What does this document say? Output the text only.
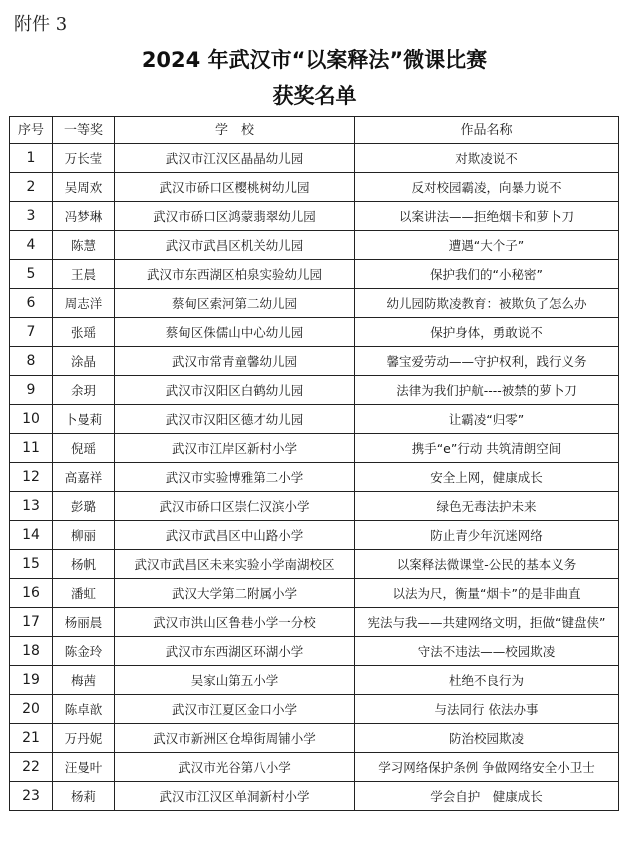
附件 3
2024 年武汉市“以案释法”微课比赛
获奖名单
序号	一等奖	学　校	作品名称
1	万长莹	武汉市江汉区晶晶幼儿园	对欺凌说不
2	吴周欢	武汉市硚口区樱桃树幼儿园	反对校园霸凌，向暴力说不
3	冯梦琳	武汉市硚口区鸿蒙翡翠幼儿园	以案讲法——拒绝烟卡和萝卜刀
4	陈慧	武汉市武昌区机关幼儿园	遭遇“大个子”
5	王晨	武汉市东西湖区柏泉实验幼儿园	保护我们的“小秘密”
6	周志洋	蔡甸区索河第二幼儿园	幼儿园防欺凌教育：被欺负了怎么办
7	张瑶	蔡甸区侏儒山中心幼儿园	保护身体，勇敢说不
8	涂晶	武汉市常青童馨幼儿园	馨宝爱劳动——守护权利，践行义务
9	余玥	武汉市汉阳区白鹤幼儿园	法律为我们护航----被禁的萝卜刀
10	卜曼莉	武汉市汉阳区德才幼儿园	让霸凌“归零”
11	倪瑶	武汉市江岸区新村小学	携手“e”行动 共筑清朗空间
12	高嘉祥	武汉市实验博雅第二小学	安全上网，健康成长
13	彭璐	武汉市硚口区崇仁汉滨小学	绿色无毒法护未来
14	柳丽	武汉市武昌区中山路小学	防止青少年沉迷网络
15	杨帆	武汉市武昌区未来实验小学南湖校区	以案释法微课堂-公民的基本义务
16	潘虹	武汉大学第二附属小学	以法为尺，衡量“烟卡”的是非曲直
17	杨丽晨	武汉市洪山区鲁巷小学一分校	宪法与我——共建网络文明，拒做“键盘侠”
18	陈金玲	武汉市东西湖区环湖小学	守法不违法——校园欺凌
19	梅茜	吴家山第五小学	杜绝不良行为
20	陈卓歆	武汉市江夏区金口小学	与法同行 依法办事
21	万丹妮	武汉市新洲区仓埠街周铺小学	防治校园欺凌
22	汪曼叶	武汉市光谷第八小学	学习网络保护条例 争做网络安全小卫士
23	杨莉	武汉市江汉区单洞新村小学	学会自护　健康成长
